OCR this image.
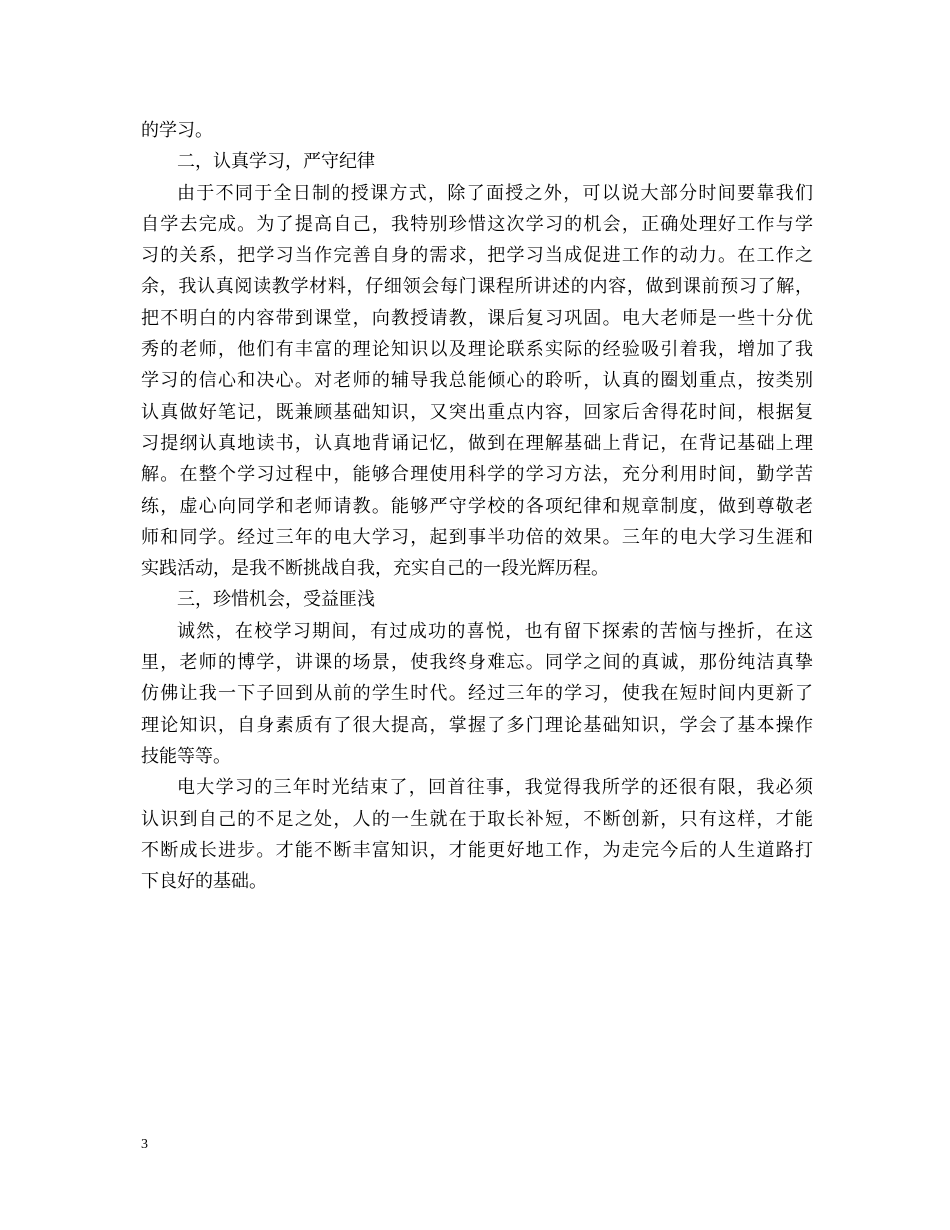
的学习。
二，认真学习，严守纪律
由于不同于全日制的授课方式，除了面授之外，可以说大部分时间要靠我们
自学去完成。为了提高自己，我特别珍惜这次学习的机会，正确处理好工作与学
习的关系，把学习当作完善自身的需求，把学习当成促进工作的动力。在工作之
余，我认真阅读教学材料，仔细领会每门课程所讲述的内容，做到课前预习了解，
把不明白的内容带到课堂，向教授请教，课后复习巩固。电大老师是一些十分优
秀的老师，他们有丰富的理论知识以及理论联系实际的经验吸引着我，增加了我
学习的信心和决心。对老师的辅导我总能倾心的聆听，认真的圈划重点，按类别
认真做好笔记，既兼顾基础知识，又突出重点内容，回家后舍得花时间，根据复
习提纲认真地读书，认真地背诵记忆，做到在理解基础上背记，在背记基础上理
解。在整个学习过程中，能够合理使用科学的学习方法，充分利用时间，勤学苦
练，虚心向同学和老师请教。能够严守学校的各项纪律和规章制度，做到尊敬老
师和同学。经过三年的电大学习，起到事半功倍的效果。三年的电大学习生涯和
实践活动，是我不断挑战自我，充实自己的一段光辉历程。
三，珍惜机会，受益匪浅
诚然，在校学习期间，有过成功的喜悦，也有留下探索的苦恼与挫折，在这
里，老师的博学，讲课的场景，使我终身难忘。同学之间的真诚，那份纯洁真挚
仿佛让我一下子回到从前的学生时代。经过三年的学习，使我在短时间内更新了
理论知识，自身素质有了很大提高，掌握了多门理论基础知识，学会了基本操作
技能等等。
电大学习的三年时光结束了，回首往事，我觉得我所学的还很有限，我必须
认识到自己的不足之处，人的一生就在于取长补短，不断创新，只有这样，才能
不断成长进步。才能不断丰富知识，才能更好地工作，为走完今后的人生道路打
下良好的基础。
3
